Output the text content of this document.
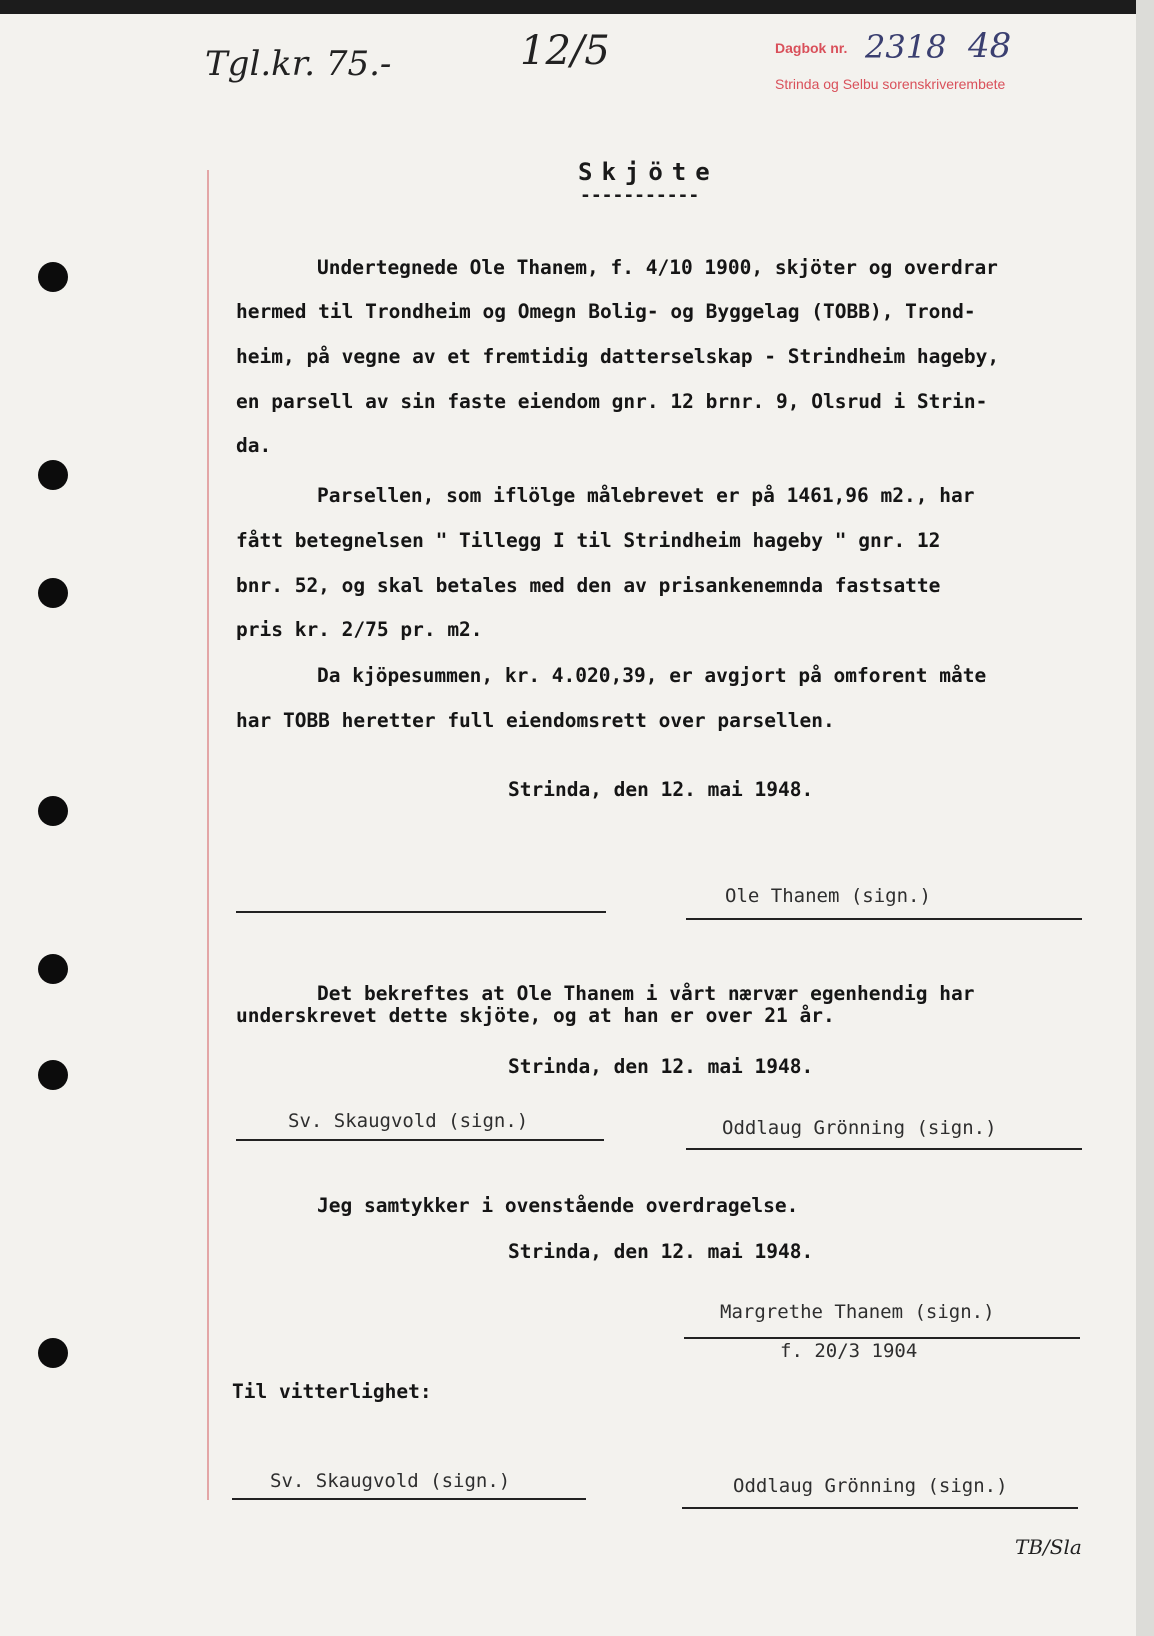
Tgl.kr. 75.-	12/5	Dagbok nr. 2318 48
Strinda og Selbu sorenskriverembete
Skjöte
-----------
Undertegnede Ole Thanem, f. 4/10 1900, skjöter og overdrar
hermed til Trondheim og Omegn Bolig- og Byggelag (TOBB), Trond-
heim, på vegne av et fremtidig datterselskap - Strindheim hageby,
en parsell av sin faste eiendom gnr. 12 brnr. 9, Olsrud i Strin-
da.
Parsellen, som iflölge målebrevet er på 1461,96 m2., har
fått betegnelsen " Tillegg I til Strindheim hageby " gnr. 12
bnr. 52, og skal betales med den av prisankenemnda fastsatte
pris kr. 2/75 pr. m2.
Da kjöpesummen, kr. 4.020,39, er avgjort på omforent måte
har TOBB heretter full eiendomsrett over parsellen.
Strinda, den 12. mai 1948.
Ole Thanem (sign.)
Det bekreftes at Ole Thanem i vårt nærvær egenhendig har
underskrevet dette skjöte, og at han er over 21 år.
Strinda, den 12. mai 1948.
Sv. Skaugvold (sign.)	Oddlaug Grönning (sign.)
Jeg samtykker i ovenstående overdragelse.
Strinda, den 12. mai 1948.
Margrethe Thanem (sign.)
f. 20/3 1904
Til vitterlighet:
Sv. Skaugvold (sign.)	Oddlaug Grönning (sign.)
TB/Sla
